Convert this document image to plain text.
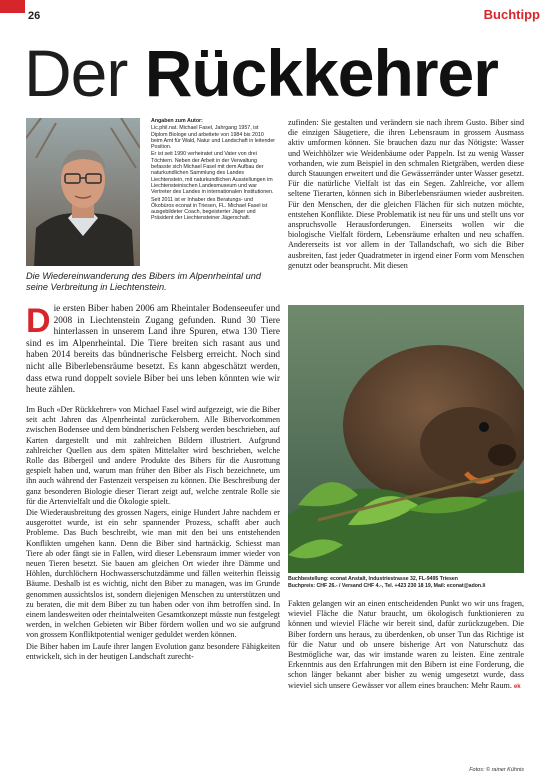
26	Buchtipp
Der Rückkehrer

Angaben zum Autor:

Lic.phil.nat. Michael Fasel, Jahrgang 1957, ist Diplom Biologe und arbeitete von 1984 bis 2010 beim Amt für Wald, Natur und Landschaft in leitender Position.

Er ist seit 1990 verheiratet und Vater von drei Töchtern. Neben der Arbeit in der Verwaltung befasste sich Michael Fasel mit dem Aufbau der naturkundlichen Sammlung des Landes Liechtenstein, mit naturkundlichen Ausstellungen im Liechtensteinischen Landesmuseum und war Vertreter des Landes in internationalen Institutionen.

Seit 2011 ist er Inhaber des Beratungs- und Ökobüros econat in Triesen, FL. Michael Fasel ist ausgebildeter Coach, begeisterter Jäger und Präsident der Liechtensteiner Jägerschaft.

Die Wiedereinwanderung des Bibers im Alpenrheintal und seine Verbreitung in Liechtenstein.
Die ersten Biber haben 2006 am Rheintaler Bodenseeufer und 2008 in Liechtenstein Zugang gefunden. Rund 30 Tiere hinterlassen in unserem Land ihre Spuren, etwa 130 Tiere sind es im Alpenrheintal. Die Tiere breiten sich rasant aus und haben 2014 bereits das bündnerische Felsberg erreicht. Noch sind nicht alle Biberlebensräume besetzt. Es kann abgeschätzt werden, dass etwa rund doppelt soviele Biber bei uns leben könnten wie wir heute zählen.

Im Buch «Der Rückkehrer» von Michael Fasel wird aufgezeigt, wie die Biber seit acht Jahren das Alpenrheintal zurückerobern. Alle Bibervorkommen zwischen Bodensee und dem bündnerischen Felsberg werden beschrieben, auf Karten dargestellt und mit zahlreichen Bildern illustriert. Aufgrund zahlreicher Quellen aus dem späten Mittelalter wird beschrieben, welche Rolle das Bibergeil und andere Produkte des Bibers für die Ausrottung gespielt haben und, warum man früher den Biber als Fisch bezeichnete, um ihn auch während der Fastenzeit verspeisen zu können. Die Beschreibung der ganz besonderen Biologie dieser Tierart zeigt auf, welche zentrale Rolle sie für die Artenvielfalt und die Ökologie spielt.

Die Wiederausbreitung des grossen Nagers, einige Hundert Jahre nachdem er ausgerottet wurde, ist ein sehr spannender Prozess, schafft aber auch Probleme. Das Buch beschreibt, wie man mit den bei uns entstehenden Konflikten umgehen kann. Denn die Biber sind hartnäckig. Schiesst man Tiere ab oder fängt sie in Fallen, wird dieser Lebensraum immer wieder von neuen Tieren besetzt. Sie bauen am gleichen Ort wieder ihre Dämme und Höhlen, durchlöchern Hochwasserschutzdämme und fällen weiterhin fleissig Bäume. Deshalb ist es wichtig, nicht den Biber zu managen, was im Grunde genommen aussichtslos ist, sondern diejenigen Menschen zu unterstützen und zu beraten, die mit dem Biber zu tun haben oder von ihm betroffen sind. In einem landesweiten oder rheintalweiten Gesamtkonzept müsste nun festgelegt werden, in welchen Gebieten wir Biber fördern wollen und wo sie aufgrund von grossem Konfliktpotential weniger geduldet werden können.

Die Biber haben im Laufe ihrer langen Evolution ganz besondere Fähigkeiten entwickelt, sich in der heutigen Landschaft zurecht-

zufinden: Sie gestalten und verändern sie nach ihrem Gusto. Biber sind die einzigen Säugetiere, die ihren Lebensraum in grossem Ausmass aktiv umformen können. Sie brauchen dazu nur das Nötigste: Wasser und Weichhölzer wie Weidenbäume oder Pappeln. Ist zu wenig Wasser vorhanden, wie zum Beispiel in den schmalen Rietgräben, werden diese durch Stauungen erweitert und die Gewässerränder unter Wasser gesetzt. Für die natürliche Vielfalt ist das ein Segen. Zahlreiche, vor allem seltene Tierarten, können sich in Biberlebensräumen wieder ausbreiten. Für den Menschen, der die gleichen Flächen für sich nutzen möchte, entstehen Konflikte. Diese Problematik ist neu für uns und stellt uns vor anspruchsvolle Herausforderungen. Einerseits wollen wir die biologische Vielfalt fördern, Lebensräume erhalten und neu schaffen. Andererseits ist vor allem in der Tallandschaft, wo sich die Biber ausbreiten, fast jeder Quadratmeter in irgend einer Form vom Menschen genutzt oder beansprucht. Mit diesen

Buchbestellung: econat Anstalt, Industriestrasse 32, FL-9495 Triesen
Buchpreis: CHF 26.- / Versand CHF 4.-, Tel. +423 230 18 19, Mail: econat@adon.li

Fakten gelangen wir an einen entscheidenden Punkt wo wir uns fragen, wieviel Fläche die Natur braucht, um ökologisch funktionieren zu können und wieviel Fläche wir bereit sind, dafür zurückzugeben. Die Biber fordern uns heraus, zu überdenken, ob unser Tun das Richtige ist für die Natur und ob unsere bisherige Art von Naturschutz das Bestmögliche war, das wir imstande waren zu leisten. Eine zentrale Erkenntnis aus den Erfahrungen mit den Bibern ist eine Forderung, die schon länger bekannt aber bisher zu wenig umgesetzt wurde, dass wieviel sich unsere Gewässer vor allem eines brauchen: Mehr Raum. ek

Fotos: © rainer Kühnis
